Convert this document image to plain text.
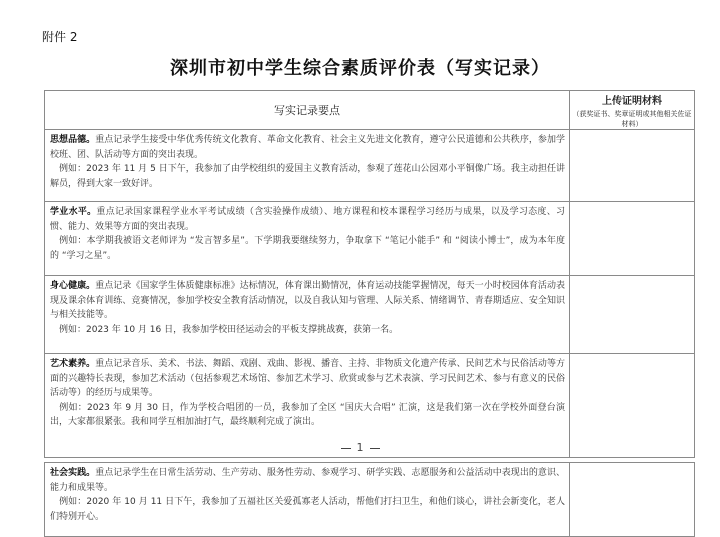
附件 2
深圳市初中学生综合素质评价表（写实记录）
写实记录要点	上传证明材料
（获奖证书、奖章证明或其他相关佐证材料）

思想品德。重点记录学生接受中华优秀传统文化教育、革命文化教育、社会主义先进文化教育，遵守公民道德和公共秩序，参加学校班、团、队活动等方面的突出表现。
 例如：2023 年 11 月 5 日下午，我参加了由学校组织的爱国主义教育活动，参观了莲花山公园邓小平铜像广场。我主动担任讲解员，得到大家一致好评。	
学业水平。重点记录国家课程学业水平考试成绩（含实验操作成绩）、地方课程和校本课程学习经历与成果，以及学习态度、习惯、能力、效果等方面的突出表现。
 例如：本学期我被语文老师评为 “发言智多星”。下学期我要继续努力，争取拿下 “笔记小能手” 和 “阅读小博士”，成为本年度的 “学习之星”。	
身心健康。重点记录《国家学生体质健康标准》达标情况，体育课出勤情况，体育运动技能掌握情况，每天一小时校园体育活动表现及课余体育训练、竞赛情况，参加学校安全教育活动情况，以及自我认知与管理、人际关系、情绪调节、青春期适应、安全知识与相关技能等。
 例如：2023 年 10 月 16 日，我参加学校田径运动会的平板支撑挑战赛，获第一名。	
艺术素养。重点记录音乐、美术、书法、舞蹈、戏剧、戏曲、影视、播音、主持、非物质文化遗产传承、民间艺术与民俗活动等方面的兴趣特长表现，参加艺术活动（包括参观艺术场馆、参加艺术学习、欣赏或参与艺术表演、学习民间艺术、参与有意义的民俗活动等）的经历与成果等。
 例如：2023 年 9 月 30 日，作为学校合唱团的一员，我参加了全区 “国庆大合唱” 汇演，这是我们第一次在学校外面登台演出，大家都很紧张。我和同学互相加油打气，最终顺利完成了演出。	
1
社会实践。重点记录学生在日常生活劳动、生产劳动、服务性劳动、参观学习、研学实践、志愿服务和公益活动中表现出的意识、能力和成果等。
 例如：2020 年 10 月 11 日下午，我参加了五福社区关爱孤寡老人活动，帮他们打扫卫生，和他们谈心，讲社会新变化，老人们特别开心。	
